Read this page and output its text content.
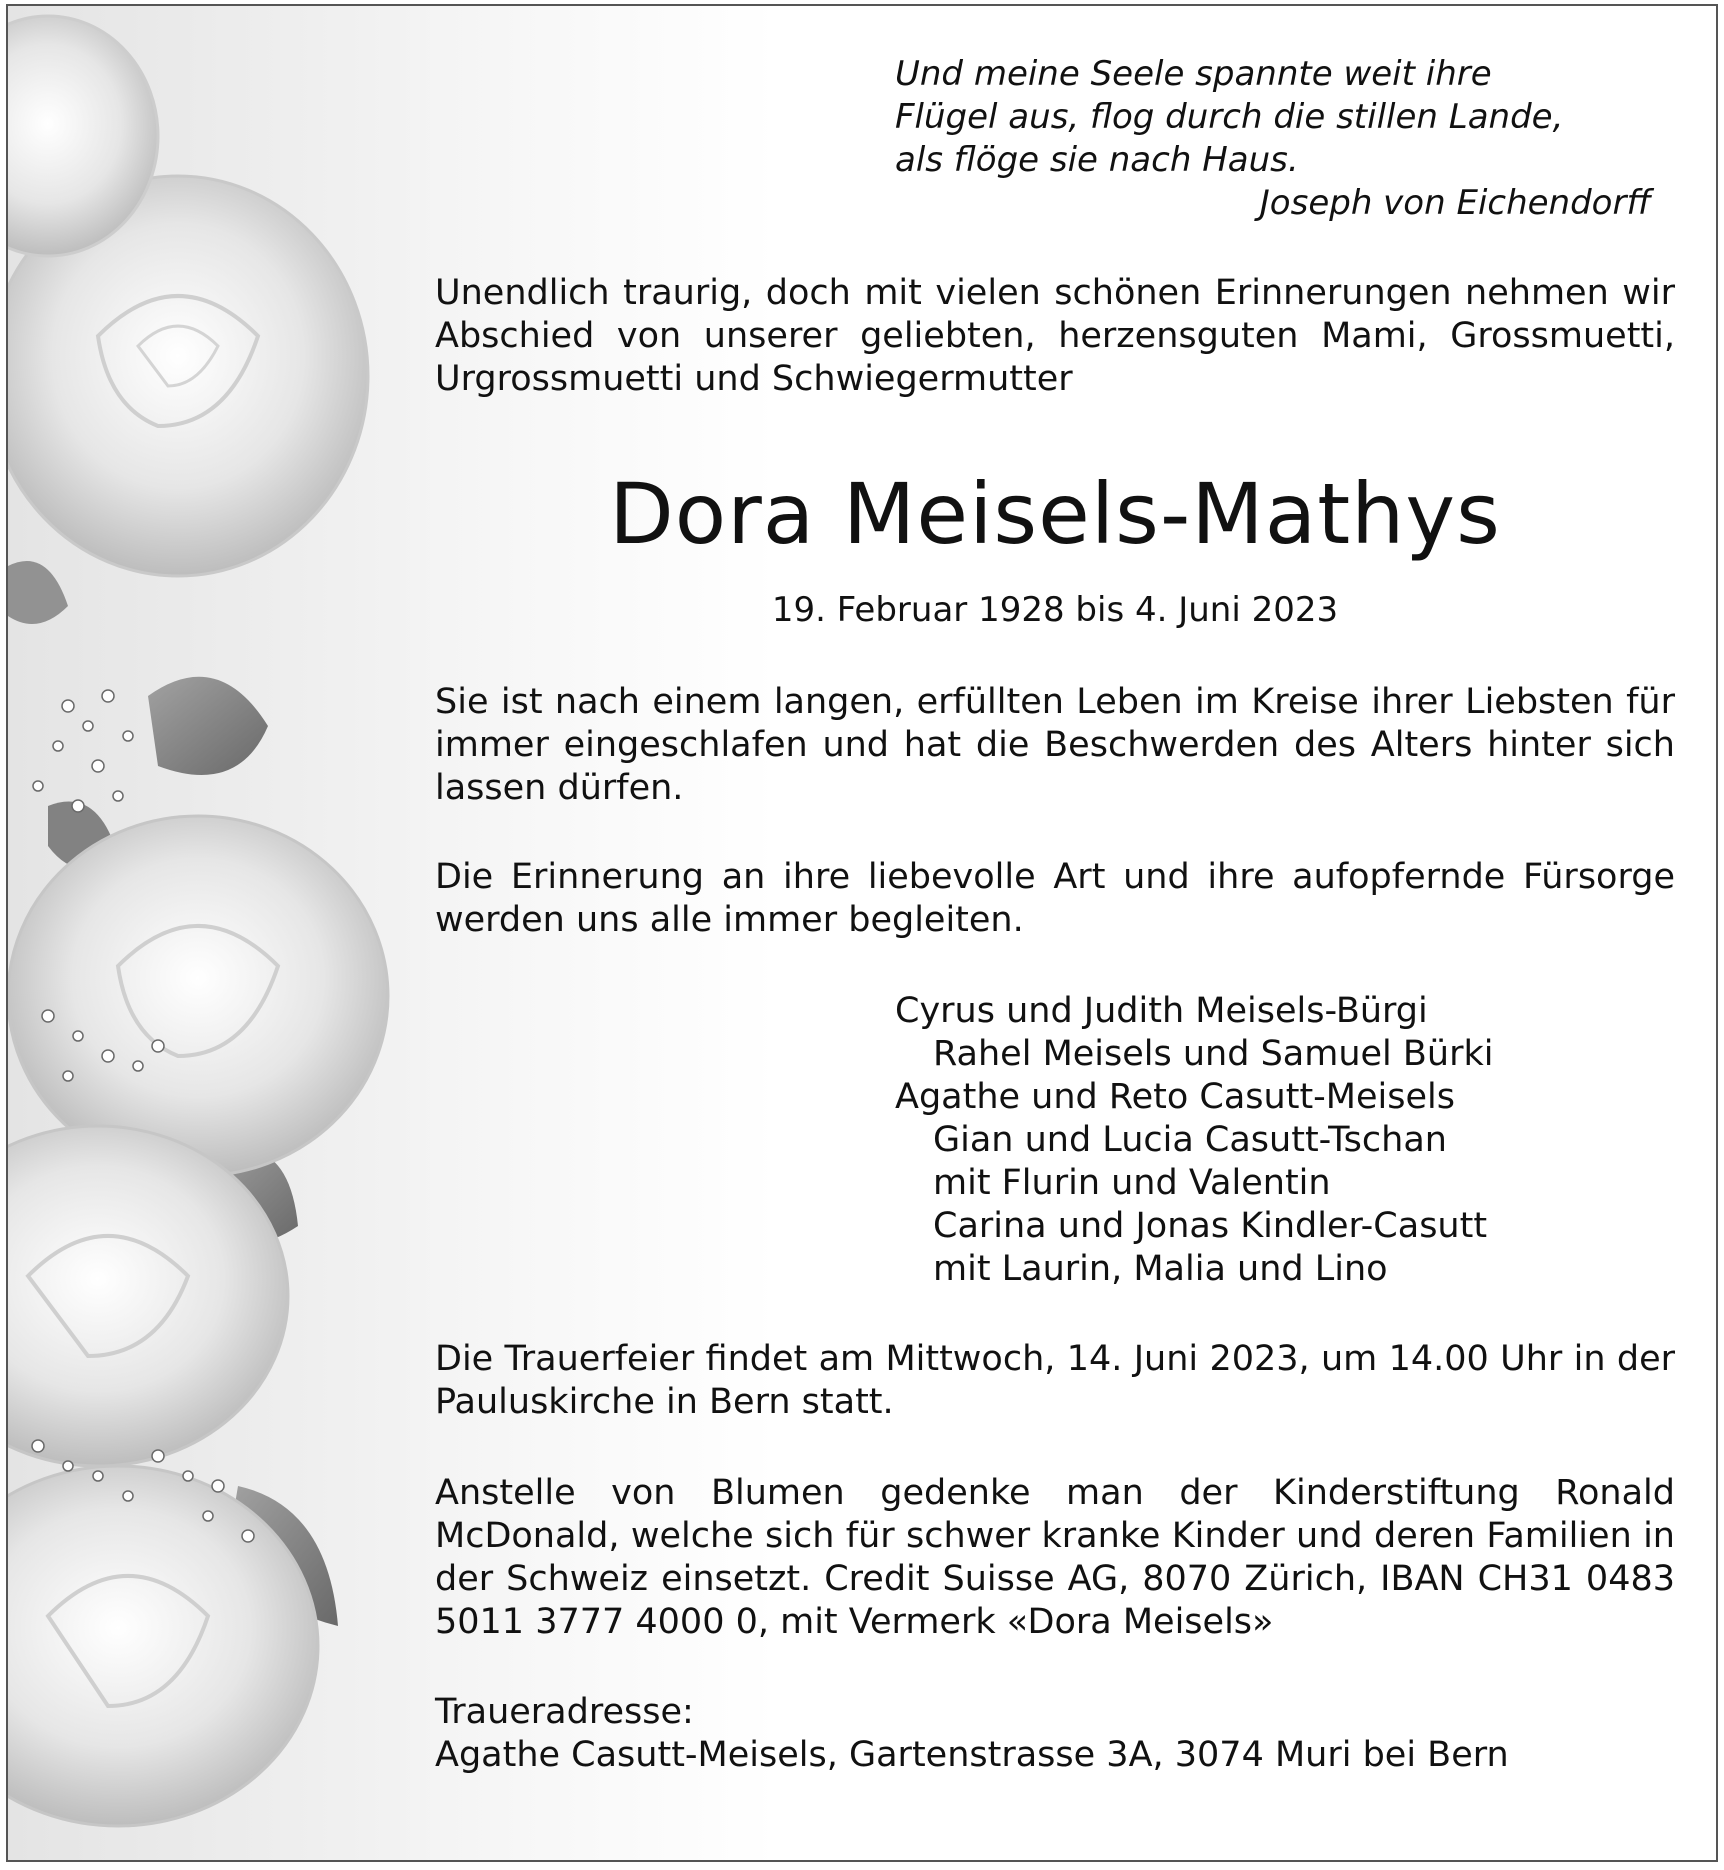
Und meine Seele spannte weit ihre
Flügel aus, flog durch die stillen Lande,
als flöge sie nach Haus.
Joseph von Eichendorff
Unendlich traurig, doch mit vielen schönen Erinnerungen nehmen wir Abschied von unserer geliebten, herzensguten Mami, Grossmuetti, Urgrossmuetti und Schwiegermutter
Dora Meisels-Mathys
19. Februar 1928 bis 4. Juni 2023
Sie ist nach einem langen, erfüllten Leben im Kreise ihrer Liebsten für immer eingeschlafen und hat die Beschwerden des Alters hinter sich lassen dürfen.
Die Erinnerung an ihre liebevolle Art und ihre aufopfernde Fürsorge werden uns alle immer begleiten.
Cyrus und Judith Meisels-Bürgi
Rahel Meisels und Samuel Bürki
Agathe und Reto Casutt-Meisels
Gian und Lucia Casutt-Tschan
mit Flurin und Valentin
Carina und Jonas Kindler-Casutt
mit Laurin, Malia und Lino
Die Trauerfeier findet am Mittwoch, 14. Juni 2023, um 14.00 Uhr in der Pauluskirche in Bern statt.
Anstelle von Blumen gedenke man der Kinderstiftung Ronald McDonald, welche sich für schwer kranke Kinder und deren Familien in der Schweiz einsetzt. Credit Suisse AG, 8070 Zürich, IBAN CH31 0483 5011 3777 4000 0, mit Vermerk «Dora Meisels»
Traueradresse:
Agathe Casutt-Meisels, Gartenstrasse 3A, 3074 Muri bei Bern
